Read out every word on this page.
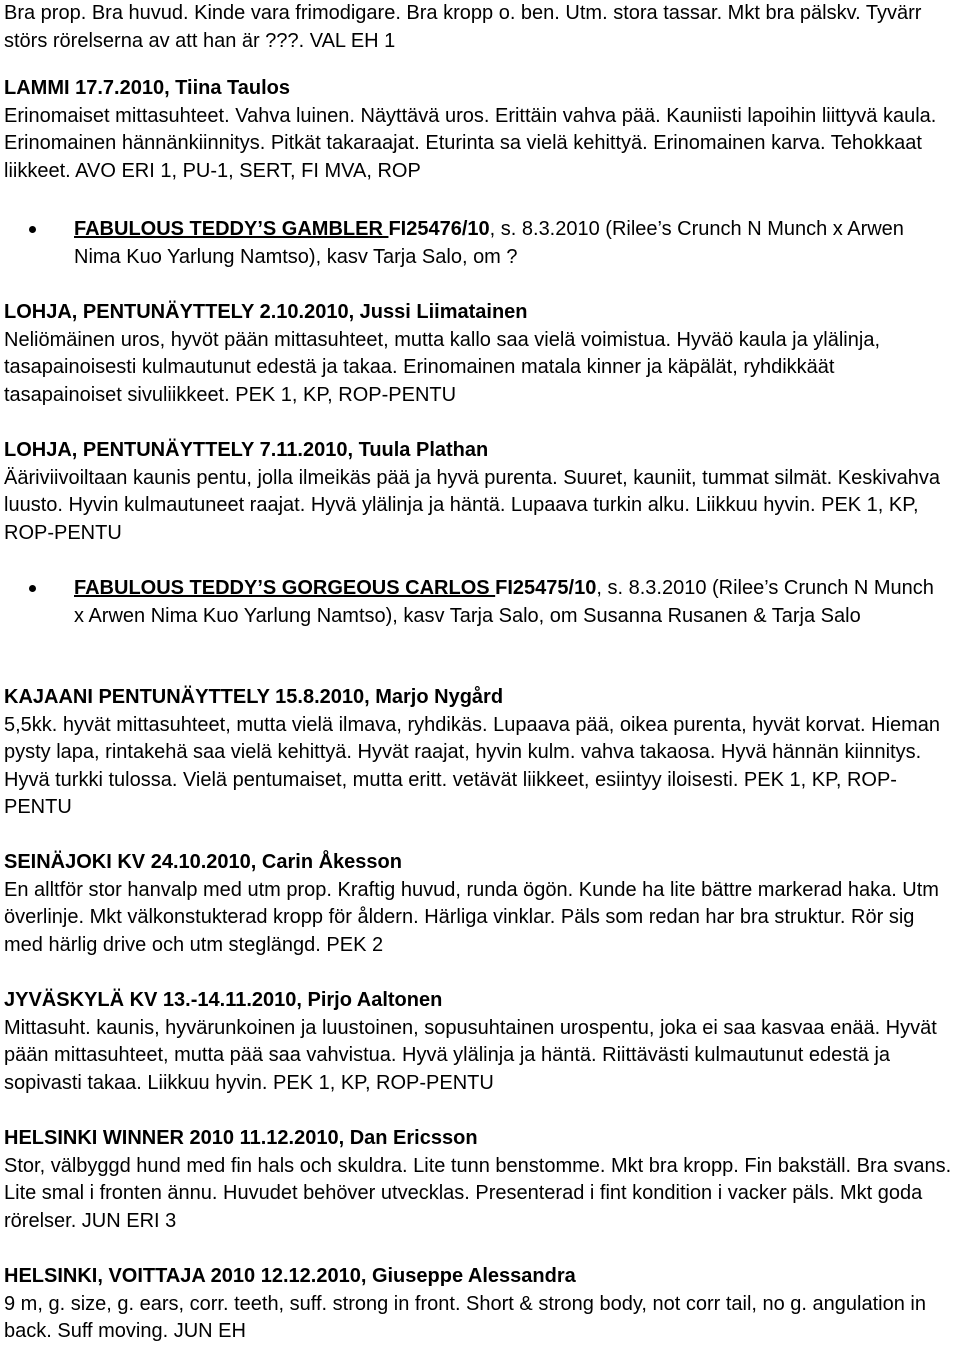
Bra prop. Bra huvud. Kinde vara frimodigare. Bra kropp o. ben. Utm. stora tassar. Mkt bra pälskv. Tyvärr störs rörelserna av att han är ???. VAL EH 1

LAMMI 17.7.2010, Tiina Taulos
Erinomaiset mittasuhteet. Vahva luinen. Näyttävä uros. Erittäin vahva pää. Kauniisti lapoihin liittyvä kaula. Erinomainen hännänkiinnitys. Pitkät takaraajat. Eturinta sa vielä kehittyä. Erinomainen karva. Tehokkaat liikkeet. AVO ERI 1, PU-1, SERT, FI MVA, ROP

FABULOUS TEDDY’S GAMBLER FI25476/10, s. 8.3.2010 (Rilee’s Crunch N Munch x Arwen Nima Kuo Yarlung Namtso), kasv Tarja Salo, om ?

LOHJA, PENTUNÄYTTELY 2.10.2010, Jussi Liimatainen
Neliömäinen uros, hyvöt pään mittasuhteet, mutta kallo saa vielä voimistua. Hyväö kaula ja ylälinja, tasapainoisesti kulmautunut edestä ja takaa. Erinomainen matala kinner ja käpälät, ryhdikkäät tasapainoiset sivuliikkeet. PEK 1, KP, ROP-PENTU

LOHJA, PENTUNÄYTTELY 7.11.2010, Tuula Plathan
Ääriviivoiltaan kaunis pentu, jolla ilmeikäs pää ja hyvä purenta. Suuret, kauniit, tummat silmät. Keskivahva luusto. Hyvin kulmautuneet raajat. Hyvä ylälinja ja häntä. Lupaava turkin alku. Liikkuu hyvin. PEK 1, KP, ROP-PENTU

FABULOUS TEDDY’S GORGEOUS CARLOS FI25475/10, s. 8.3.2010 (Rilee’s Crunch N Munch x Arwen Nima Kuo Yarlung Namtso), kasv Tarja Salo, om Susanna Rusanen & Tarja Salo

KAJAANI PENTUNÄYTTELY 15.8.2010, Marjo Nygård
5,5kk. hyvät mittasuhteet, mutta vielä ilmava, ryhdikäs. Lupaava pää, oikea purenta, hyvät korvat. Hieman pysty lapa, rintakehä saa vielä kehittyä. Hyvät raajat, hyvin kulm. vahva takaosa. Hyvä hännän kiinnitys. Hyvä turkki tulossa. Vielä pentumaiset, mutta eritt. vetävät liikkeet, esiintyy iloisesti. PEK 1, KP, ROP-PENTU

SEINÄJOKI KV 24.10.2010, Carin Åkesson
En alltför stor hanvalp med utm prop. Kraftig huvud, runda ögön. Kunde ha lite bättre markerad haka. Utm överlinje. Mkt välkonstukterad kropp för åldern. Härliga vinklar. Päls som redan har bra struktur. Rör sig med härlig drive och utm steglängd. PEK 2

JYVÄSKYLÄ KV 13.-14.11.2010, Pirjo Aaltonen
Mittasuht. kaunis, hyvärunkoinen ja luustoinen, sopusuhtainen urospentu, joka ei saa kasvaa enää. Hyvät pään mittasuhteet, mutta pää saa vahvistua. Hyvä ylälinja ja häntä. Riittävästi kulmautunut edestä ja sopivasti takaa. Liikkuu hyvin. PEK 1, KP, ROP-PENTU

HELSINKI WINNER 2010 11.12.2010, Dan Ericsson
Stor, välbyggd hund med fin hals och skuldra. Lite tunn benstomme. Mkt bra kropp. Fin bakställ. Bra svans. Lite smal i fronten ännu. Huvudet behöver utvecklas. Presenterad i fint kondition i vacker päls. Mkt goda rörelser. JUN ERI 3

HELSINKI, VOITTAJA 2010 12.12.2010, Giuseppe Alessandra
9 m, g. size, g. ears, corr. teeth, suff. strong in front. Short & strong body, not corr tail, no g. angulation in back. Suff moving. JUN EH
